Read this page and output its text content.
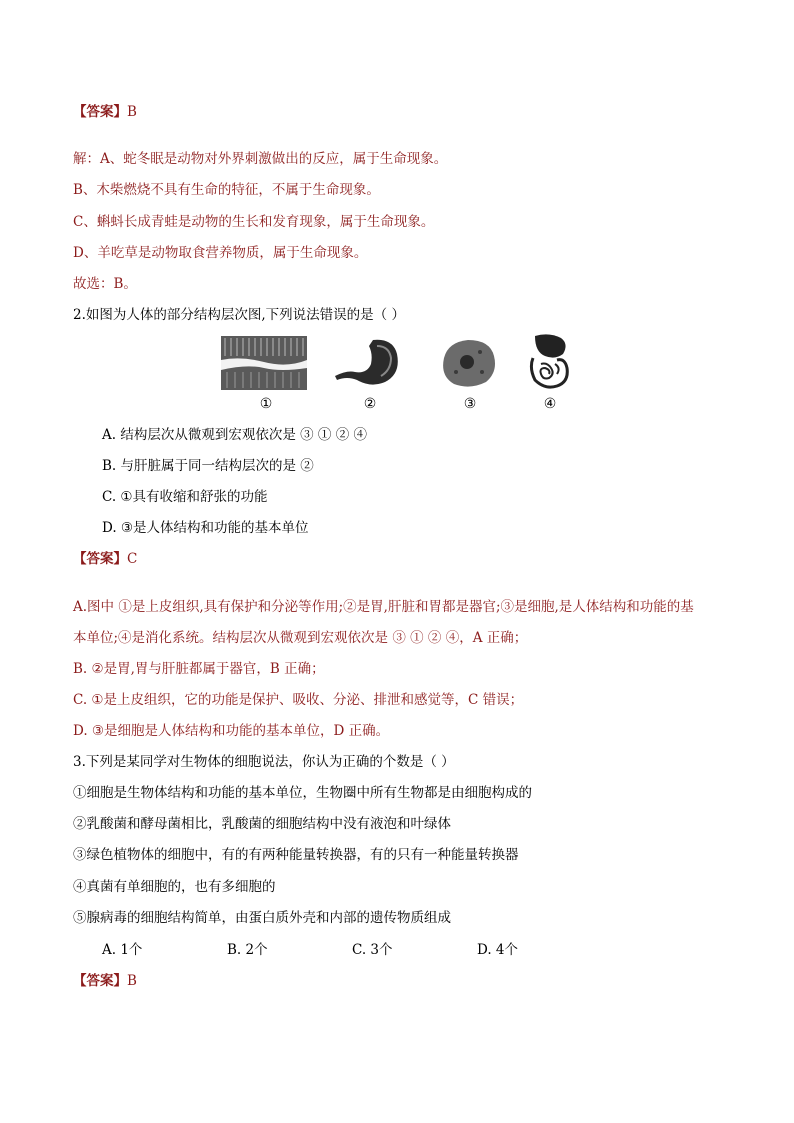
【答案】B
解：A、蛇冬眠是动物对外界刺激做出的反应，属于生命现象。
B、木柴燃烧不具有生命的特征，不属于生命现象。
C、蝌蚪长成青蛙是动物的生长和发育现象，属于生命现象。
D、羊吃草是动物取食营养物质，属于生命现象。
故选：B。
2.如图为人体的部分结构层次图,下列说法错误的是（ ）
①	②	③	④
A. 结构层次从微观到宏观依次是 ③ ① ② ④
B. 与肝脏属于同一结构层次的是 ②
C. ①具有收缩和舒张的功能
D. ③是人体结构和功能的基本单位
【答案】C
A.图中 ①是上皮组织,具有保护和分泌等作用;②是胃,肝脏和胃都是器官;③是细胞,是人体结构和功能的基
本单位;④是消化系统。结构层次从微观到宏观依次是 ③ ① ② ④，A 正确；
B. ②是胃,胃与肝脏都属于器官，B 正确；
C. ①是上皮组织，它的功能是保护、吸收、分泌、排泄和感觉等，C 错误；
D. ③是细胞是人体结构和功能的基本单位，D 正确。
3.下列是某同学对生物体的细胞说法，你认为正确的个数是（ ）
①细胞是生物体结构和功能的基本单位，生物圈中所有生物都是由细胞构成的
②乳酸菌和酵母菌相比，乳酸菌的细胞结构中没有液泡和叶绿体
③绿色植物体的细胞中，有的有两种能量转换器，有的只有一种能量转换器
④真菌有单细胞的，也有多细胞的
⑤腺病毒的细胞结构简单，由蛋白质外壳和内部的遗传物质组成
A. 1个	B. 2个	C. 3个	D. 4个
【答案】B
